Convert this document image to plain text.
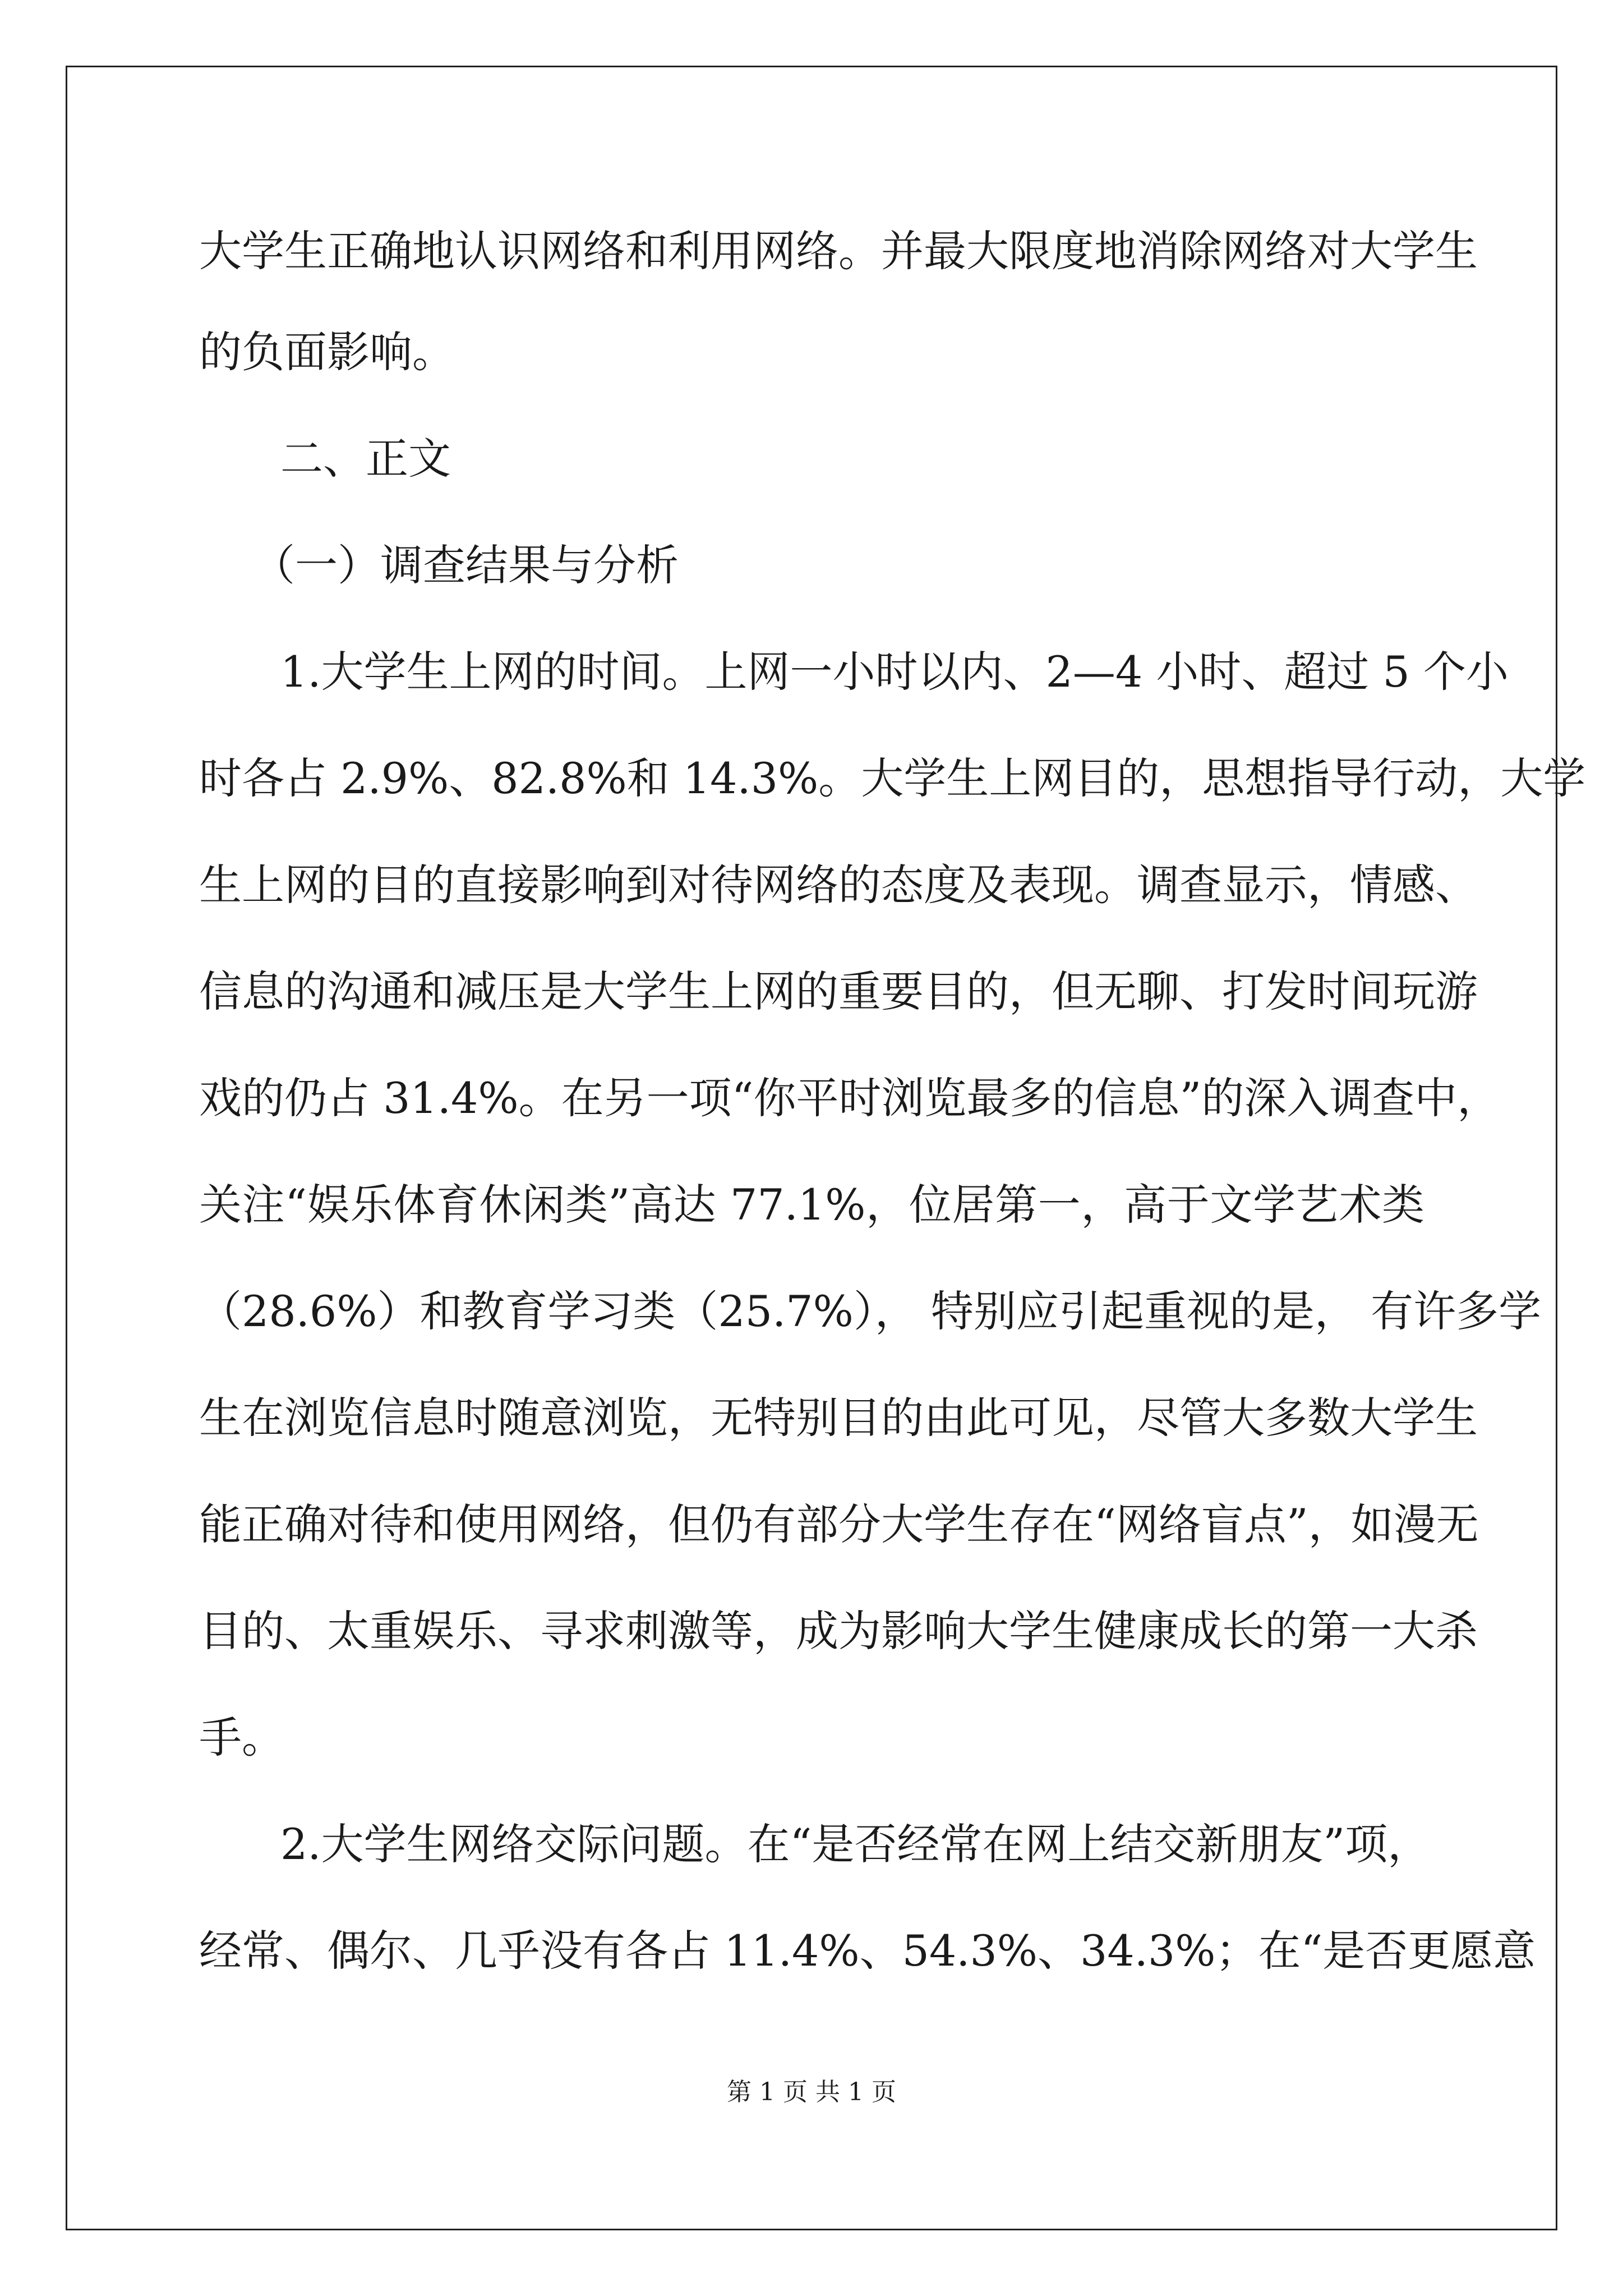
大学生正确地认识网络和利用网络。并最大限度地消除网络对大学生
的负面影响。
二、正文
（一）调查结果与分析
1.大学生上网的时间。上网一小时以内、2—4 小时、超过 5 个小
时各占 2.9%、82.8%和 14.3%。大学生上网目的，思想指导行动，大学
生上网的目的直接影响到对待网络的态度及表现。调查显示，情感、
信息的沟通和减压是大学生上网的重要目的，但无聊、打发时间玩游
戏的仍占 31.4%。在另一项“你平时浏览最多的信息”的深入调查中，
关注“娱乐体育休闲类”高达 77.1%，位居第一，高于文学艺术类
（28.6%）和教育学习类（25.7%）， 特别应引起重视的是， 有许多学
生在浏览信息时随意浏览，无特别目的由此可见，尽管大多数大学生
能正确对待和使用网络，但仍有部分大学生存在“网络盲点”，如漫无
目的、太重娱乐、寻求刺激等，成为影响大学生健康成长的第一大杀
手。
2.大学生网络交际问题。在“是否经常在网上结交新朋友”项，
经常、偶尔、几乎没有各占 11.4%、54.3%、34.3%；在“是否更愿意
第 1 页 共 1 页
